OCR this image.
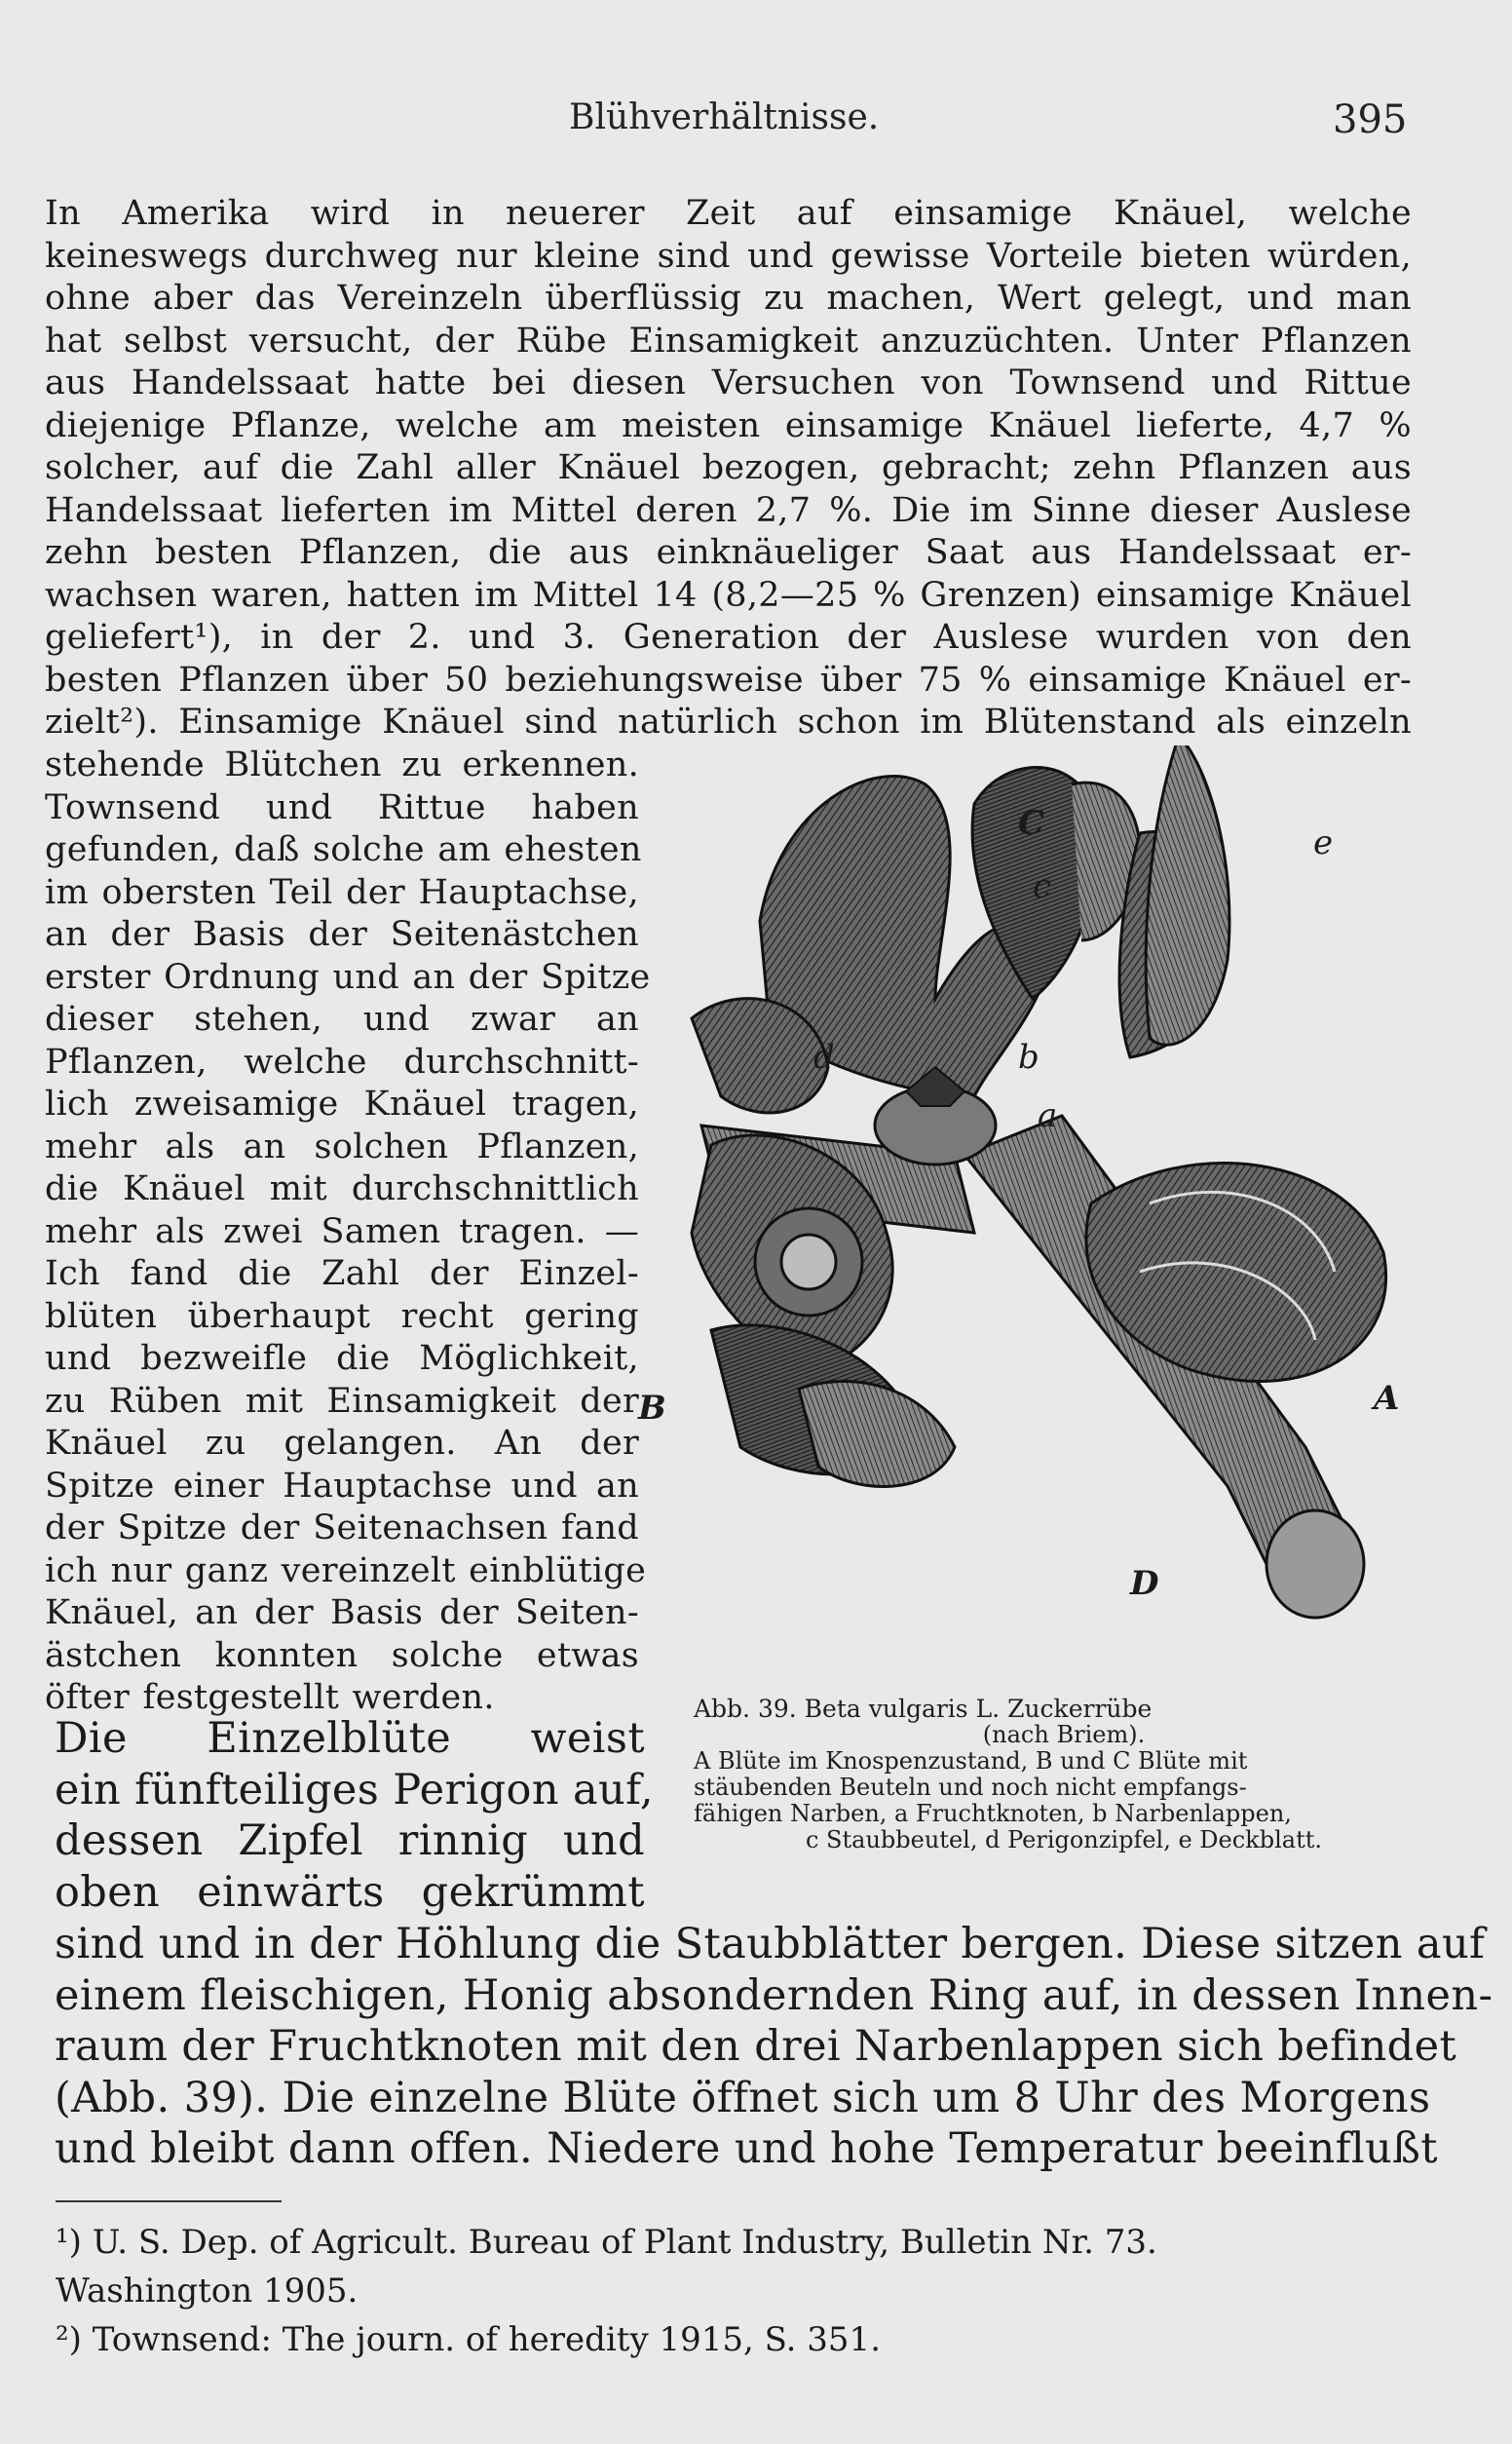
Blühverhältnisse.	395
In Amerika wird in neuerer Zeit auf einsamige Knäuel, welche
keineswegs durchweg nur kleine sind und gewisse Vorteile bieten würden,
ohne aber das Vereinzeln überflüssig zu machen, Wert gelegt, und man
hat selbst versucht, der Rübe Einsamigkeit anzuzüchten. Unter Pflanzen
aus Handelssaat hatte bei diesen Versuchen von Townsend und Rittue
diejenige Pflanze, welche am meisten einsamige Knäuel lieferte, 4,7 %
solcher, auf die Zahl aller Knäuel bezogen, gebracht; zehn Pflanzen aus
Handelssaat lieferten im Mittel deren 2,7 %. Die im Sinne dieser Auslese
zehn besten Pflanzen, die aus einknäueliger Saat aus Handelssaat er-
wachsen waren, hatten im Mittel 14 (8,2—25 % Grenzen) einsamige Knäuel
geliefert¹), in der 2. und 3. Generation der Auslese wurden von den
besten Pflanzen über 50 beziehungsweise über 75 % einsamige Knäuel er-
zielt²). Einsamige Knäuel sind natürlich schon im Blütenstand als einzeln
stehende Blütchen zu erkennen.
Townsend und Rittue haben
gefunden, daß solche am ehesten
im obersten Teil der Hauptachse,
an der Basis der Seitenästchen
erster Ordnung und an der Spitze
dieser stehen, und zwar an
Pflanzen, welche durchschnitt-
lich zweisamige Knäuel tragen,
mehr als an solchen Pflanzen,
die Knäuel mit durchschnittlich
mehr als zwei Samen tragen. —
Ich fand die Zahl der Einzel-
blüten überhaupt recht gering
und bezweifle die Möglichkeit,
zu Rüben mit Einsamigkeit der
Knäuel zu gelangen. An der
Spitze einer Hauptachse und an
der Spitze der Seitenachsen fand
ich nur ganz vereinzelt einblütige
Knäuel, an der Basis der Seiten-
ästchen konnten solche etwas
öfter festgestellt werden.
Die Einzelblüte weist
ein fünfteiliges Perigon auf,
dessen Zipfel rinnig und
oben einwärts gekrümmt
sind und in der Höhlung die Staubblätter bergen. Diese sitzen auf
einem fleischigen, Honig absondernden Ring auf, in dessen Innen-
raum der Fruchtknoten mit den drei Narbenlappen sich befindet
(Abb. 39). Die einzelne Blüte öffnet sich um 8 Uhr des Morgens
und bleibt dann offen. Niedere und hohe Temperatur beeinflußt
B
C
A
D
c
e
d	b
a
Abb. 39. Beta vulgaris L. Zuckerrübe
(nach Briem).
A Blüte im Knospenzustand, B und C Blüte mit
stäubenden Beuteln und noch nicht empfangs-
fähigen Narben, a Fruchtknoten, b Narbenlappen,
c Staubbeutel, d Perigonzipfel, e Deckblatt.
¹) U. S. Dep. of Agricult. Bureau of Plant Industry, Bulletin Nr. 73.
Washington 1905.
²) Townsend: The journ. of heredity 1915, S. 351.
